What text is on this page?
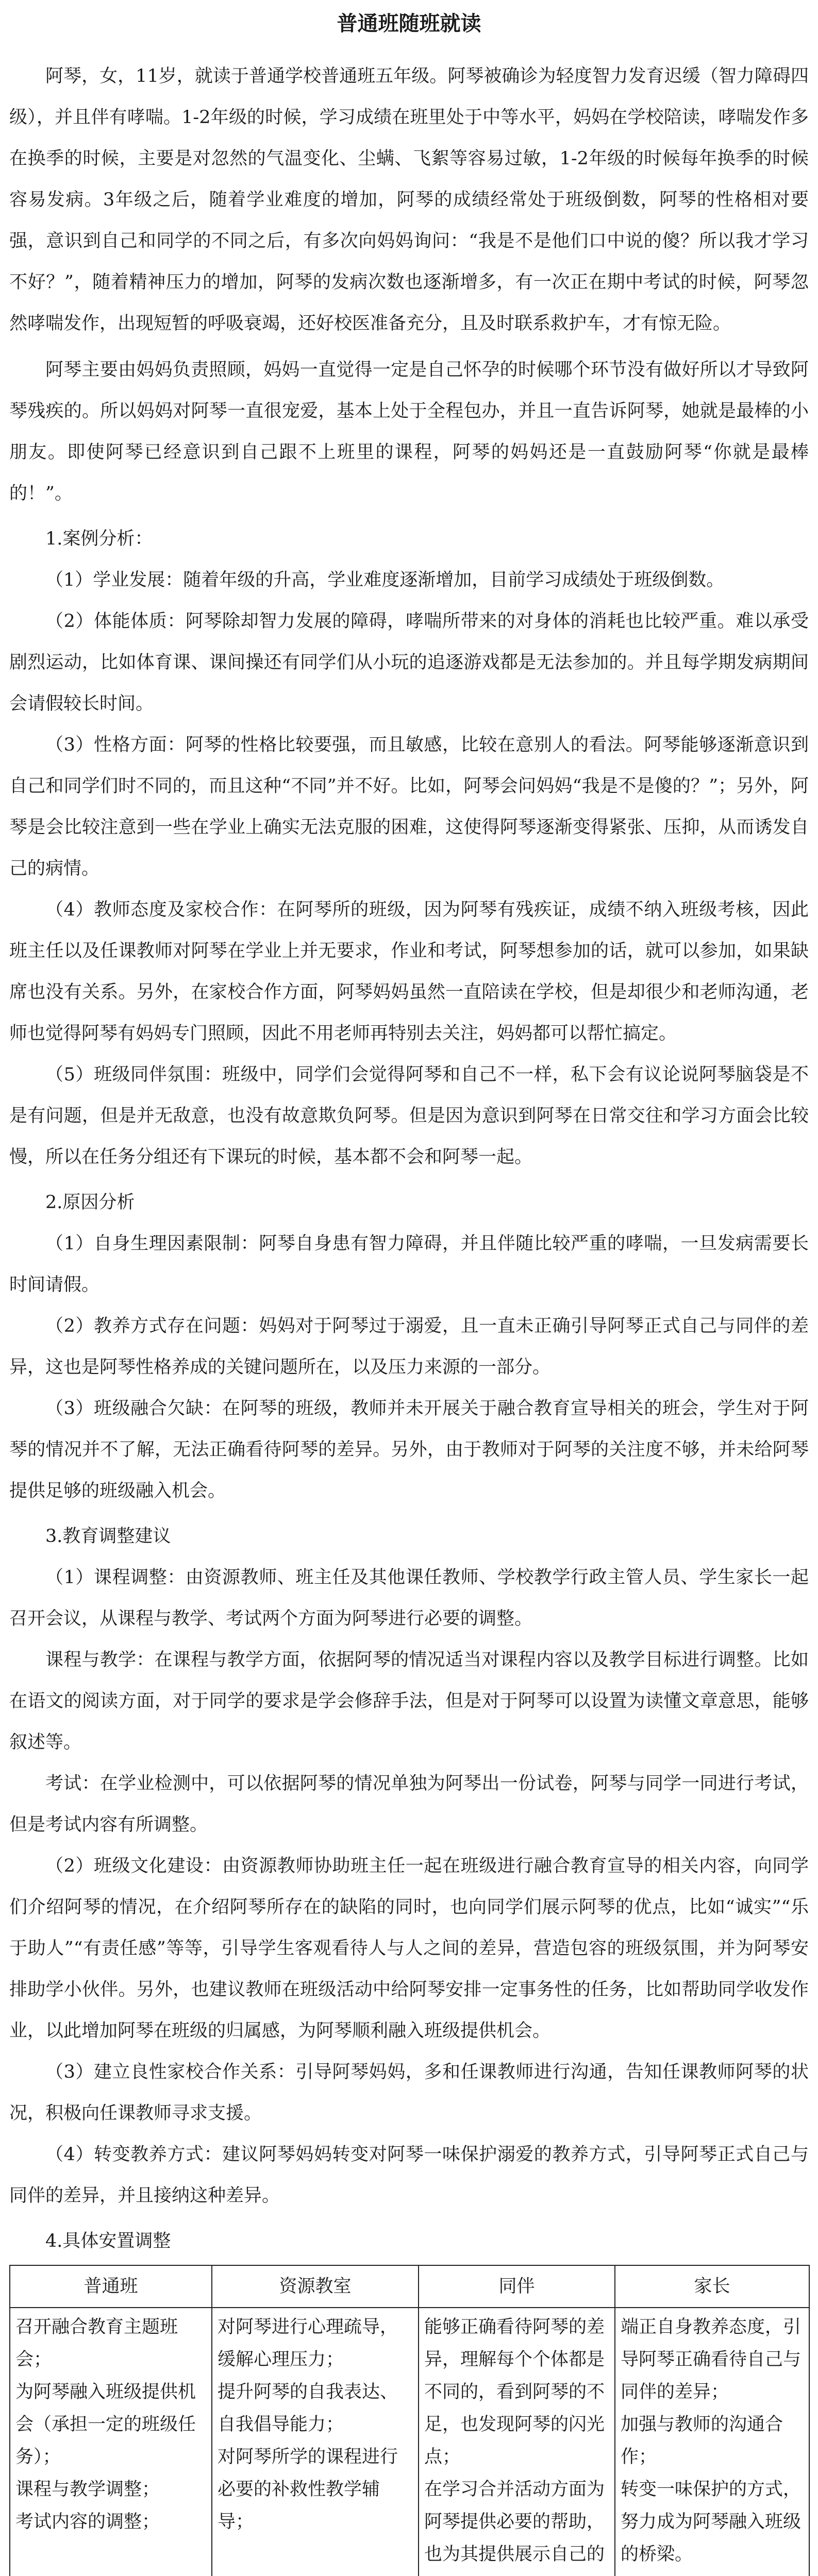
普通班随班就读

阿琴，女，11岁，就读于普通学校普通班五年级。阿琴被确诊为轻度智力发育迟缓（智力障碍四级），并且伴有哮喘。1-2年级的时候，学习成绩在班里处于中等水平，妈妈在学校陪读，哮喘发作多在换季的时候，主要是对忽然的气温变化、尘螨、飞絮等容易过敏，1-2年级的时候每年换季的时候容易发病。3年级之后，随着学业难度的增加，阿琴的成绩经常处于班级倒数，阿琴的性格相对要强，意识到自己和同学的不同之后，有多次向妈妈询问：“我是不是他们口中说的傻？所以我才学习不好？”，随着精神压力的增加，阿琴的发病次数也逐渐增多，有一次正在期中考试的时候，阿琴忽然哮喘发作，出现短暂的呼吸衰竭，还好校医准备充分，且及时联系救护车，才有惊无险。

阿琴主要由妈妈负责照顾，妈妈一直觉得一定是自己怀孕的时候哪个环节没有做好所以才导致阿琴残疾的。所以妈妈对阿琴一直很宠爱，基本上处于全程包办，并且一直告诉阿琴，她就是最棒的小朋友。即使阿琴已经意识到自己跟不上班里的课程，阿琴的妈妈还是一直鼓励阿琴“你就是最棒的！”。

1.案例分析：

（1）学业发展：随着年级的升高，学业难度逐渐增加，目前学习成绩处于班级倒数。

（2）体能体质：阿琴除却智力发展的障碍，哮喘所带来的对身体的消耗也比较严重。难以承受剧烈运动，比如体育课、课间操还有同学们从小玩的追逐游戏都是无法参加的。并且每学期发病期间会请假较长时间。

（3）性格方面：阿琴的性格比较要强，而且敏感，比较在意别人的看法。阿琴能够逐渐意识到自己和同学们时不同的，而且这种“不同”并不好。比如，阿琴会问妈妈“我是不是傻的？”；另外，阿琴是会比较注意到一些在学业上确实无法克服的困难，这使得阿琴逐渐变得紧张、压抑，从而诱发自己的病情。

（4）教师态度及家校合作：在阿琴所的班级，因为阿琴有残疾证，成绩不纳入班级考核，因此班主任以及任课教师对阿琴在学业上并无要求，作业和考试，阿琴想参加的话，就可以参加，如果缺席也没有关系。另外，在家校合作方面，阿琴妈妈虽然一直陪读在学校，但是却很少和老师沟通，老师也觉得阿琴有妈妈专门照顾，因此不用老师再特别去关注，妈妈都可以帮忙搞定。

（5）班级同伴氛围：班级中，同学们会觉得阿琴和自己不一样，私下会有议论说阿琴脑袋是不是有问题，但是并无敌意，也没有故意欺负阿琴。但是因为意识到阿琴在日常交往和学习方面会比较慢，所以在任务分组还有下课玩的时候，基本都不会和阿琴一起。

2.原因分析

（1）自身生理因素限制：阿琴自身患有智力障碍，并且伴随比较严重的哮喘，一旦发病需要长时间请假。

（2）教养方式存在问题：妈妈对于阿琴过于溺爱，且一直未正确引导阿琴正式自己与同伴的差异，这也是阿琴性格养成的关键问题所在，以及压力来源的一部分。

（3）班级融合欠缺：在阿琴的班级，教师并未开展关于融合教育宣导相关的班会，学生对于阿琴的情况并不了解，无法正确看待阿琴的差异。另外，由于教师对于阿琴的关注度不够，并未给阿琴提供足够的班级融入机会。

3.教育调整建议

（1）课程调整：由资源教师、班主任及其他课任教师、学校教学行政主管人员、学生家长一起召开会议，从课程与教学、考试两个方面为阿琴进行必要的调整。

课程与教学：在课程与教学方面，依据阿琴的情况适当对课程内容以及教学目标进行调整。比如在语文的阅读方面，对于同学的要求是学会修辞手法，但是对于阿琴可以设置为读懂文章意思，能够叙述等。

考试：在学业检测中，可以依据阿琴的情况单独为阿琴出一份试卷，阿琴与同学一同进行考试，但是考试内容有所调整。

（2）班级文化建设：由资源教师协助班主任一起在班级进行融合教育宣导的相关内容，向同学们介绍阿琴的情况，在介绍阿琴所存在的缺陷的同时，也向同学们展示阿琴的优点，比如“诚实”“乐于助人”“有责任感”等等，引导学生客观看待人与人之间的差异，营造包容的班级氛围，并为阿琴安排助学小伙伴。另外，也建议教师在班级活动中给阿琴安排一定事务性的任务，比如帮助同学收发作业，以此增加阿琴在班级的归属感，为阿琴顺利融入班级提供机会。

（3）建立良性家校合作关系：引导阿琴妈妈，多和任课教师进行沟通，告知任课教师阿琴的状况，积极向任课教师寻求支援。

（4）转变教养方式：建议阿琴妈妈转变对阿琴一味保护溺爱的教养方式，引导阿琴正式自己与同伴的差异，并且接纳这种差异。

4.具体安置调整

普通班	资源教室	同伴	家长

召开融合教育主题班会；
为阿琴融入班级提供机会（承担一定的班级任务）；
课程与教学调整；
考试内容的调整；	对阿琴进行心理疏导，缓解心理压力；
提升阿琴的自我表达、自我倡导能力；
对阿琴所学的课程进行必要的补救性教学辅导；	能够正确看待阿琴的差异，理解每个个体都是不同的，看到阿琴的不足，也发现阿琴的闪光点；
在学习合并活动方面为阿琴提供必要的帮助，也为其提供展示自己的	端正自身教养态度，引导阿琴正确看待自己与同伴的差异；
加强与教师的沟通合作；
转变一味保护的方式，努力成为阿琴融入班级的桥梁。
